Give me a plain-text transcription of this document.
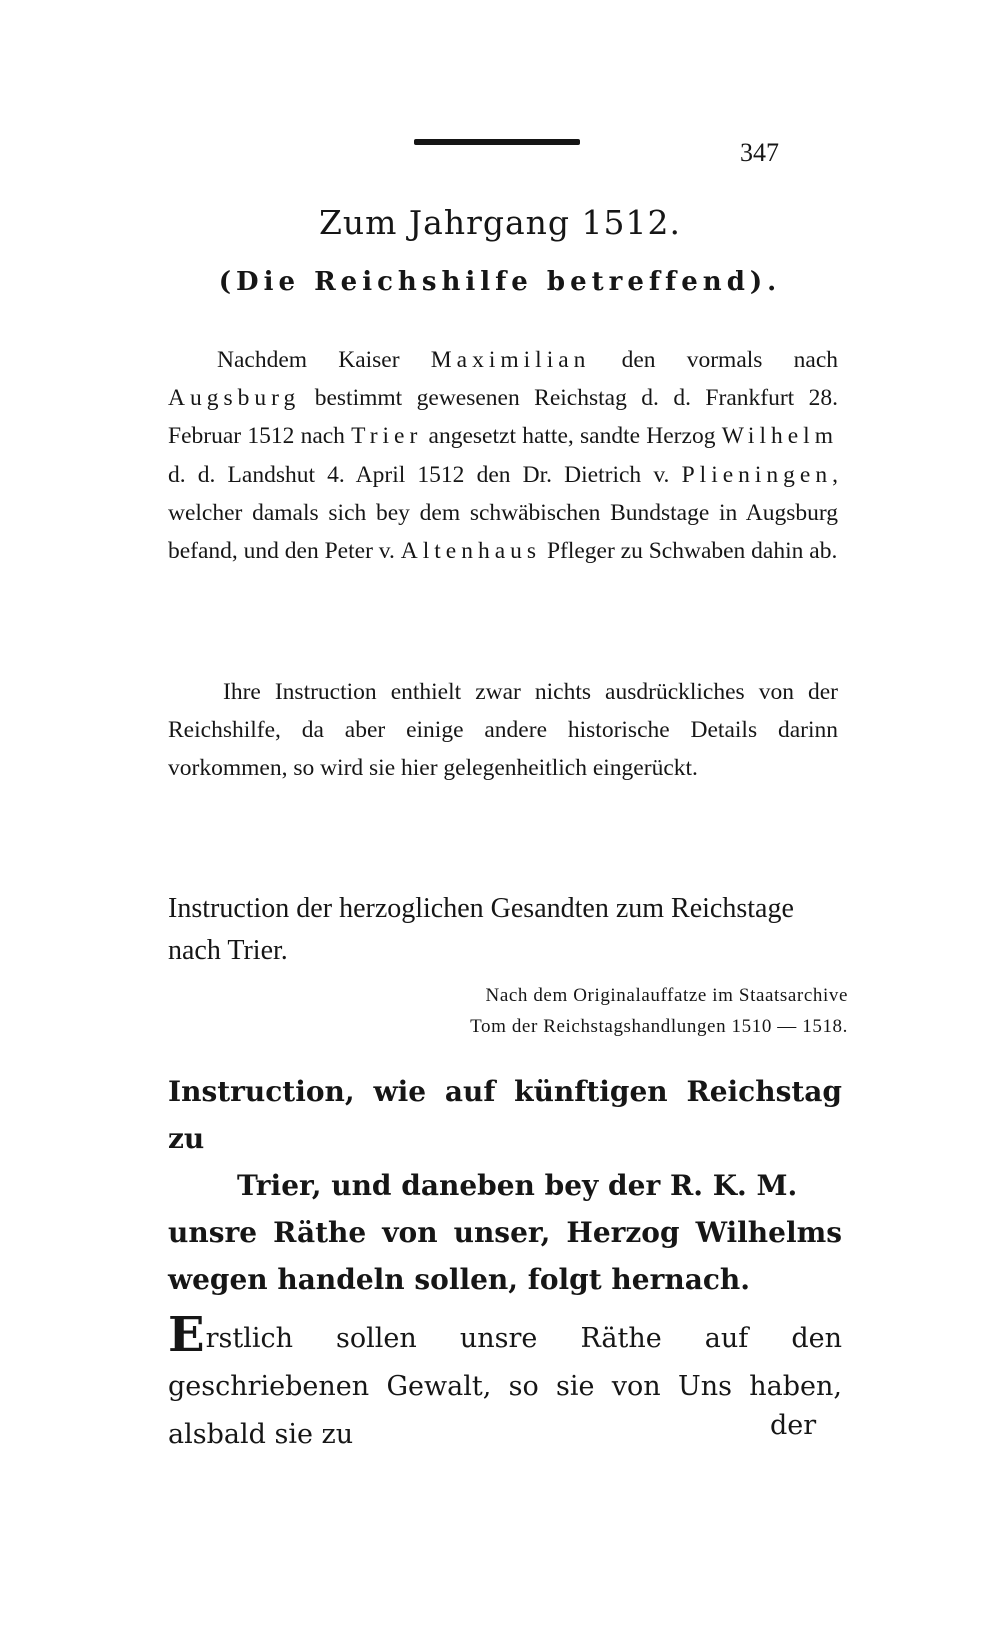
347
Zum Jahrgang 1512.
(Die Reichshilfe betreffend).

Nachdem Kaiser Maximilian den vormals nach Augsburg bestimmt gewesenen Reichstag d. d. Frankfurt 28. Februar 1512 nach Trier angesetzt hatte, sandte Herzog Wilhelm d. d. Landshut 4. April 1512 den Dr. Dietrich v. Plieningen, welcher damals sich bey dem schwäbischen Bundstage in Augsburg befand, und den Peter v. Altenhaus Pfleger zu Schwaben dahin ab.

Ihre Instruction enthielt zwar nichts ausdrückliches von der Reichshilfe, da aber einige andere historische Details darinn vorkommen, so wird sie hier gelegenheitlich eingerückt.

Instruction der herzoglichen Gesandten zum Reichstage nach Trier.
Nach dem Originalauffatze im Staatsarchive
Tom der Reichstagshandlungen 1510 — 1518.
Instruction, wie auf künftigen Reichstag zu
Trier, und daneben bey der R. K. M.
unsre Räthe von unser, Herzog Wilhelms wegen handeln sollen, folgt hernach.
Erstlich sollen unsre Räthe auf den geschriebenen Gewalt, so sie von Uns haben, alsbald sie zu	der
